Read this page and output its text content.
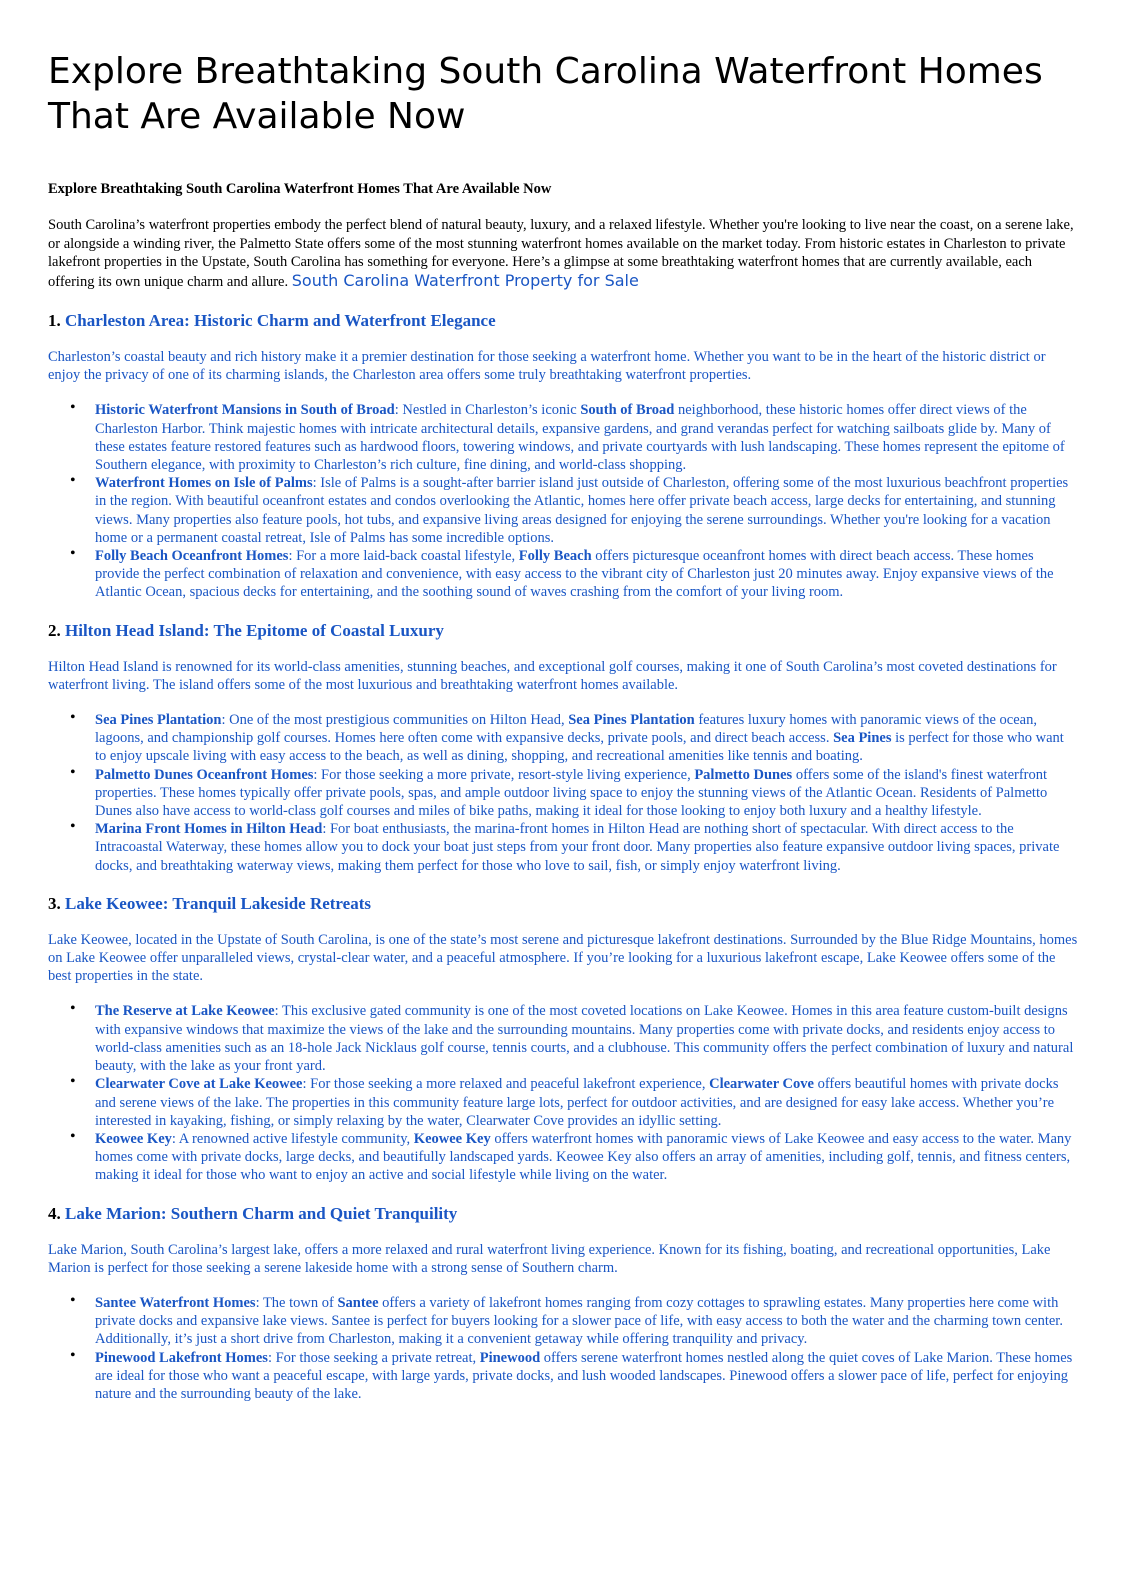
Explore Breathtaking South Carolina Waterfront Homes That Are Available Now

Explore Breathtaking South Carolina Waterfront Homes That Are Available Now

South Carolina’s waterfront properties embody the perfect blend of natural beauty, luxury, and a relaxed lifestyle. Whether you're looking to live near the coast, on a serene lake, or alongside a winding river, the Palmetto State offers some of the most stunning waterfront homes available on the market today. From historic estates in Charleston to private lakefront properties in the Upstate, South Carolina has something for everyone. Here’s a glimpse at some breathtaking waterfront homes that are currently available, each offering its own unique charm and allure. South Carolina Waterfront Property for Sale

1. Charleston Area: Historic Charm and Waterfront Elegance

Charleston’s coastal beauty and rich history make it a premier destination for those seeking a waterfront home. Whether you want to be in the heart of the historic district or enjoy the privacy of one of its charming islands, the Charleston area offers some truly breathtaking waterfront properties.

• Historic Waterfront Mansions in South of Broad: Nestled in Charleston’s iconic South of Broad neighborhood, these historic homes offer direct views of the Charleston Harbor. Think majestic homes with intricate architectural details, expansive gardens, and grand verandas perfect for watching sailboats glide by. Many of these estates feature restored features such as hardwood floors, towering windows, and private courtyards with lush landscaping. These homes represent the epitome of Southern elegance, with proximity to Charleston’s rich culture, fine dining, and world-class shopping.
• Waterfront Homes on Isle of Palms: Isle of Palms is a sought-after barrier island just outside of Charleston, offering some of the most luxurious beachfront properties in the region. With beautiful oceanfront estates and condos overlooking the Atlantic, homes here offer private beach access, large decks for entertaining, and stunning views. Many properties also feature pools, hot tubs, and expansive living areas designed for enjoying the serene surroundings. Whether you're looking for a vacation home or a permanent coastal retreat, Isle of Palms has some incredible options.
• Folly Beach Oceanfront Homes: For a more laid-back coastal lifestyle, Folly Beach offers picturesque oceanfront homes with direct beach access. These homes provide the perfect combination of relaxation and convenience, with easy access to the vibrant city of Charleston just 20 minutes away. Enjoy expansive views of the Atlantic Ocean, spacious decks for entertaining, and the soothing sound of waves crashing from the comfort of your living room.
2. Hilton Head Island: The Epitome of Coastal Luxury

Hilton Head Island is renowned for its world-class amenities, stunning beaches, and exceptional golf courses, making it one of South Carolina’s most coveted destinations for waterfront living. The island offers some of the most luxurious and breathtaking waterfront homes available.

• Sea Pines Plantation: One of the most prestigious communities on Hilton Head, Sea Pines Plantation features luxury homes with panoramic views of the ocean, lagoons, and championship golf courses. Homes here often come with expansive decks, private pools, and direct beach access. Sea Pines is perfect for those who want to enjoy upscale living with easy access to the beach, as well as dining, shopping, and recreational amenities like tennis and boating.
• Palmetto Dunes Oceanfront Homes: For those seeking a more private, resort-style living experience, Palmetto Dunes offers some of the island's finest waterfront properties. These homes typically offer private pools, spas, and ample outdoor living space to enjoy the stunning views of the Atlantic Ocean. Residents of Palmetto Dunes also have access to world-class golf courses and miles of bike paths, making it ideal for those looking to enjoy both luxury and a healthy lifestyle.
• Marina Front Homes in Hilton Head: For boat enthusiasts, the marina-front homes in Hilton Head are nothing short of spectacular. With direct access to the Intracoastal Waterway, these homes allow you to dock your boat just steps from your front door. Many properties also feature expansive outdoor living spaces, private docks, and breathtaking waterway views, making them perfect for those who love to sail, fish, or simply enjoy waterfront living.
3. Lake Keowee: Tranquil Lakeside Retreats

Lake Keowee, located in the Upstate of South Carolina, is one of the state’s most serene and picturesque lakefront destinations. Surrounded by the Blue Ridge Mountains, homes on Lake Keowee offer unparalleled views, crystal-clear water, and a peaceful atmosphere. If you’re looking for a luxurious lakefront escape, Lake Keowee offers some of the best properties in the state.

• The Reserve at Lake Keowee: This exclusive gated community is one of the most coveted locations on Lake Keowee. Homes in this area feature custom-built designs with expansive windows that maximize the views of the lake and the surrounding mountains. Many properties come with private docks, and residents enjoy access to world-class amenities such as an 18-hole Jack Nicklaus golf course, tennis courts, and a clubhouse. This community offers the perfect combination of luxury and natural beauty, with the lake as your front yard.
• Clearwater Cove at Lake Keowee: For those seeking a more relaxed and peaceful lakefront experience, Clearwater Cove offers beautiful homes with private docks and serene views of the lake. The properties in this community feature large lots, perfect for outdoor activities, and are designed for easy lake access. Whether you’re interested in kayaking, fishing, or simply relaxing by the water, Clearwater Cove provides an idyllic setting.
• Keowee Key: A renowned active lifestyle community, Keowee Key offers waterfront homes with panoramic views of Lake Keowee and easy access to the water. Many homes come with private docks, large decks, and beautifully landscaped yards. Keowee Key also offers an array of amenities, including golf, tennis, and fitness centers, making it ideal for those who want to enjoy an active and social lifestyle while living on the water.
4. Lake Marion: Southern Charm and Quiet Tranquility

Lake Marion, South Carolina’s largest lake, offers a more relaxed and rural waterfront living experience. Known for its fishing, boating, and recreational opportunities, Lake Marion is perfect for those seeking a serene lakeside home with a strong sense of Southern charm.

• Santee Waterfront Homes: The town of Santee offers a variety of lakefront homes ranging from cozy cottages to sprawling estates. Many properties here come with private docks and expansive lake views. Santee is perfect for buyers looking for a slower pace of life, with easy access to both the water and the charming town center. Additionally, it’s just a short drive from Charleston, making it a convenient getaway while offering tranquility and privacy.
• Pinewood Lakefront Homes: For those seeking a private retreat, Pinewood offers serene waterfront homes nestled along the quiet coves of Lake Marion. These homes are ideal for those who want a peaceful escape, with large yards, private docks, and lush wooded landscapes. Pinewood offers a slower pace of life, perfect for enjoying nature and the surrounding beauty of the lake.
